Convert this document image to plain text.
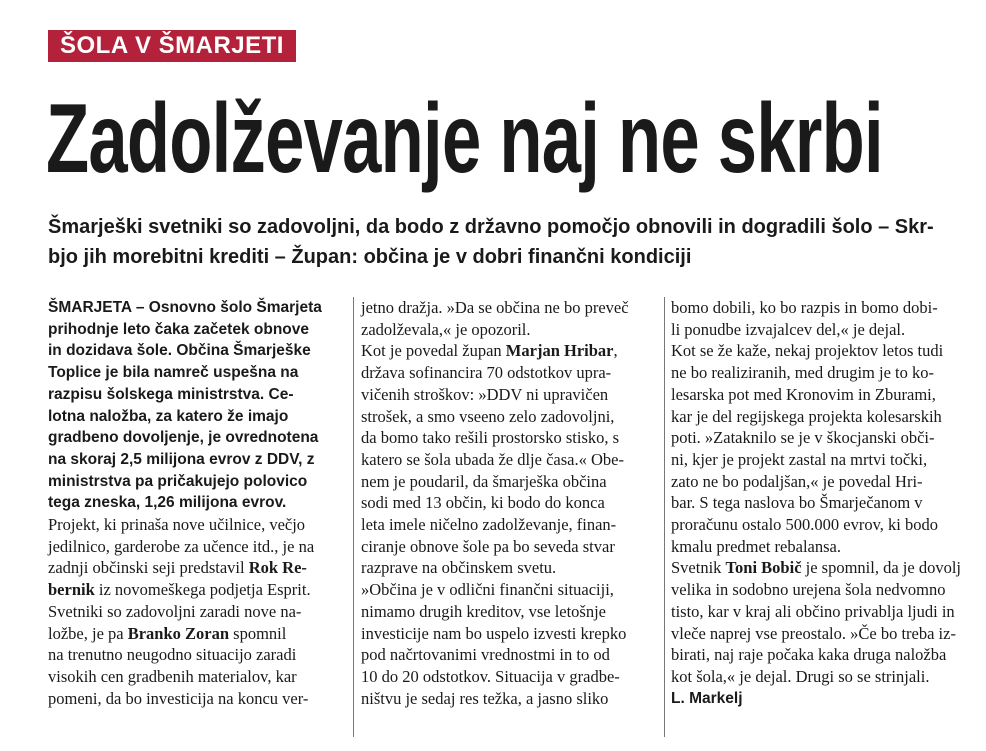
ŠOLA V ŠMARJETI
Zadolževanje naj ne skrbi
Šmarješki svetniki so zadovoljni, da bodo z državno pomočjo obnovili in dogradili šolo – Skr-
bjo jih morebitni krediti – Župan: občina je v dobri finančni kondiciji
ŠMARJETA – Osnovno šolo Šmarjeta
prihodnje leto čaka začetek obnove
in dozidava šole. Občina Šmarješke
Toplice je bila namreč uspešna na
razpisu šolskega ministrstva. Ce-
lotna naložba, za katero že imajo
gradbeno dovoljenje, je ovrednotena
na skoraj 2,5 milijona evrov z DDV, z
ministrstva pa pričakujejo polovico
tega zneska, 1,26 milijona evrov.
Projekt, ki prinaša nove učilnice, večjo
jedilnico, garderobe za učence itd., je na
zadnji občinski seji predstavil Rok Re-
bernik iz novomeškega podjetja Esprit.
Svetniki so zadovoljni zaradi nove na-
ložbe, je pa Branko Zoran spomnil
na trenutno neugodno situacijo zaradi
visokih cen gradbenih materialov, kar
pomeni, da bo investicija na koncu ver-
jetno dražja. »Da se občina ne bo preveč
zadolževala,« je opozoril.
Kot je povedal župan Marjan Hribar,
država sofinancira 70 odstotkov upra-
vičenih stroškov: »DDV ni upravičen
strošek, a smo vseeno zelo zadovoljni,
da bomo tako rešili prostorsko stisko, s
katero se šola ubada že dlje časa.« Obe-
nem je poudaril, da šmarješka občina
sodi med 13 občin, ki bodo do konca
leta imele ničelno zadolževanje, finan-
ciranje obnove šole pa bo seveda stvar
razprave na občinskem svetu.
»Občina je v odlični finančni situaciji,
nimamo drugih kreditov, vse letošnje
investicije nam bo uspelo izvesti krepko
pod načrtovanimi vrednostmi in to od
10 do 20 odstotkov. Situacija v gradbe-
ništvu je sedaj res težka, a jasno sliko
bomo dobili, ko bo razpis in bomo dobi-
li ponudbe izvajalcev del,« je dejal.
Kot se že kaže, nekaj projektov letos tudi
ne bo realiziranih, med drugim je to ko-
lesarska pot med Kronovim in Zburami,
kar je del regijskega projekta kolesarskih
poti. »Zataknilo se je v škocjanski obči-
ni, kjer je projekt zastal na mrtvi točki,
zato ne bo podaljšan,« je povedal Hri-
bar. S tega naslova bo Šmarječanom v
proračunu ostalo 500.000 evrov, ki bodo
kmalu predmet rebalansa.
Svetnik Toni Bobič je spomnil, da je dovolj
velika in sodobno urejena šola nedvomno
tisto, kar v kraj ali občino privablja ljudi in
vleče naprej vse preostalo. »Če bo treba iz-
birati, naj raje počaka kaka druga naložba
kot šola,« je dejal. Drugi so se strinjali.
L. Markelj
